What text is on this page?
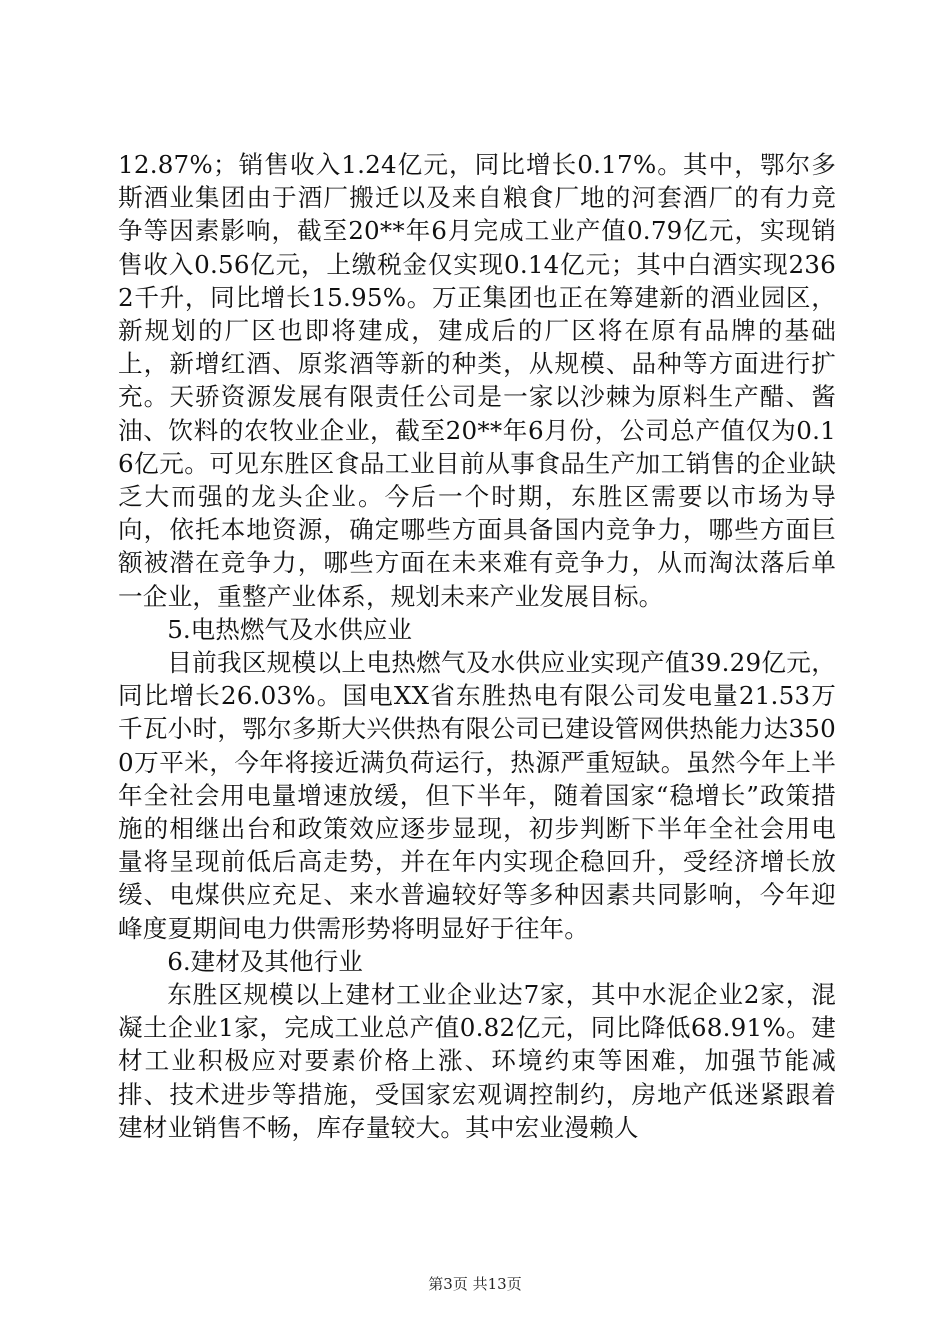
12.87%；销售收入1.24亿元，同比增长0.17%。其中，鄂尔多斯酒业集团由于酒厂搬迁以及来自粮食厂地的河套酒厂的有力竞争等因素影响，截至20**年6月完成工业产值0.79亿元，实现销售收入0.56亿元，上缴税金仅实现0.14亿元；其中白酒实现2362千升，同比增长15.95%。万正集团也正在筹建新的酒业园区，新规划的厂区也即将建成，建成后的厂区将在原有品牌的基础上，新增红酒、原浆酒等新的种类，从规模、品种等方面进行扩充。天骄资源发展有限责任公司是一家以沙棘为原料生产醋、酱油、饮料的农牧业企业，截至20**年6月份，公司总产值仅为0.16亿元。可见东胜区食品工业目前从事食品生产加工销售的企业缺乏大而强的龙头企业。今后一个时期，东胜区需要以市场为导向，依托本地资源，确定哪些方面具备国内竞争力，哪些方面巨额被潜在竞争力，哪些方面在未来难有竞争力，从而淘汰落后单一企业，重整产业体系，规划未来产业发展目标。

5.电热燃气及水供应业

目前我区规模以上电热燃气及水供应业实现产值39.29亿元，同比增长26.03%。国电XX省东胜热电有限公司发电量21.53万千瓦小时，鄂尔多斯大兴供热有限公司已建设管网供热能力达3500万平米，今年将接近满负荷运行，热源严重短缺。虽然今年上半年全社会用电量增速放缓，但下半年，随着国家“稳增长”政策措施的相继出台和政策效应逐步显现，初步判断下半年全社会用电量将呈现前低后高走势，并在年内实现企稳回升，受经济增长放缓、电煤供应充足、来水普遍较好等多种因素共同影响，今年迎峰度夏期间电力供需形势将明显好于往年。

6.建材及其他行业

东胜区规模以上建材工业企业达7家，其中水泥企业2家，混凝土企业1家，完成工业总产值0.82亿元，同比降低68.91%。建材工业积极应对要素价格上涨、环境约束等困难，加强节能减排、技术进步等措施，受国家宏观调控制约，房地产低迷紧跟着建材业销售不畅，库存量较大。其中宏业漫赖人

第3页 共13页
